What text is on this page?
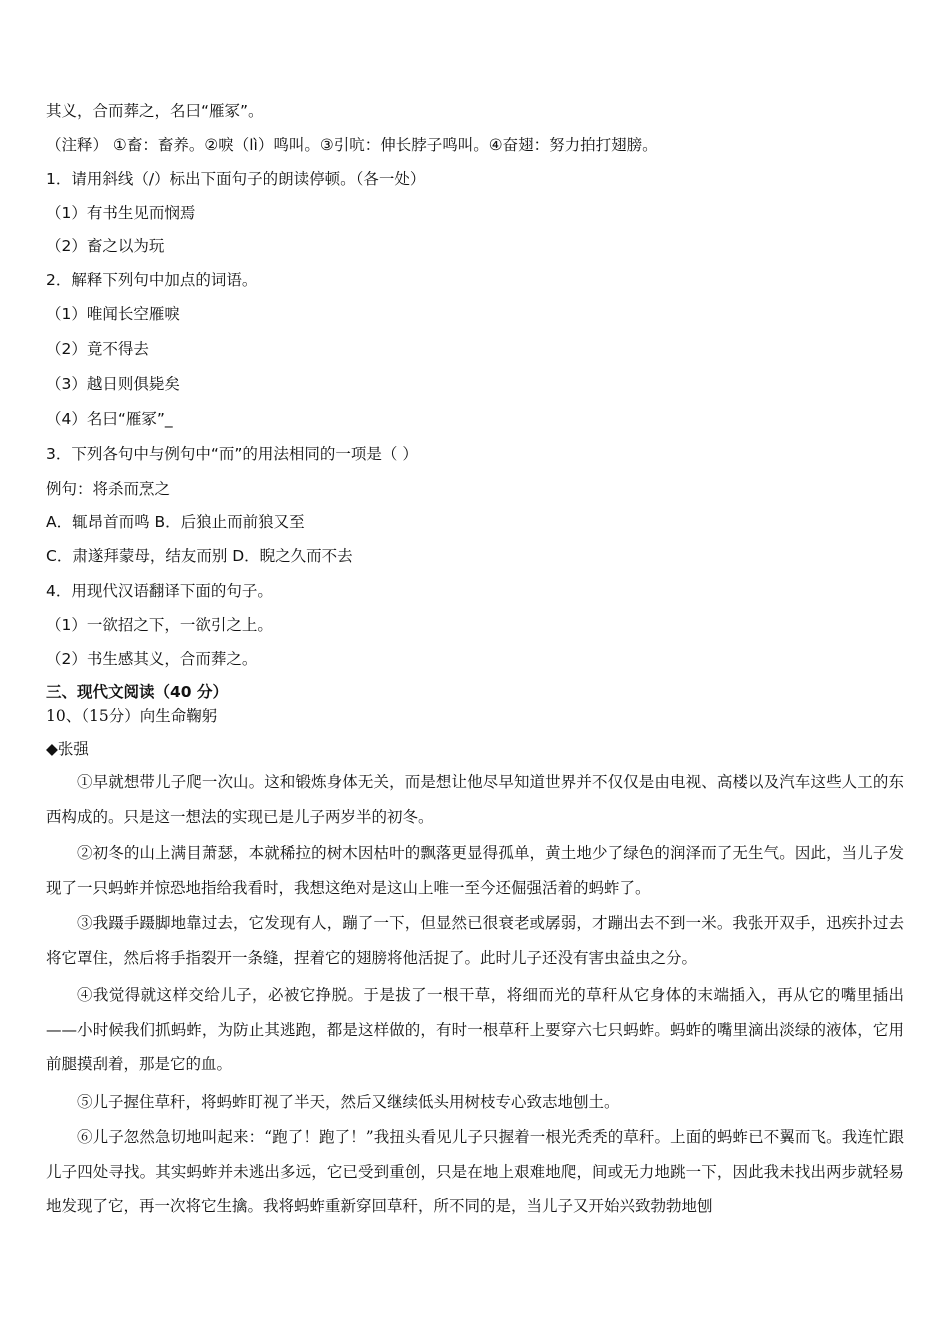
其义，合而葬之，名曰“雁冢”。
（注释） ①畜：畜养。②唳（lì）鸣叫。③引吭：伸长脖子鸣叫。④奋翅：努力拍打翅膀。
1．请用斜线（/）标出下面句子的朗读停顿。（各一处）
（1）有书生见而悯焉
（2）畜之以为玩
2．解释下列句中加点的词语。
（1）唯闻长空雁唳
（2）竟不得去
（3）越日则俱毙矣
（4）名曰“雁冢”_
3．下列各句中与例句中“而”的用法相同的一项是（ ）
例句：将杀而烹之
A．辄昂首而鸣 B．后狼止而前狼又至
C．肃遂拜蒙母，结友而别 D．睨之久而不去
4．用现代汉语翻译下面的句子。
（1）一欲招之下，一欲引之上。
（2）书生感其义，合而葬之。
三、现代文阅读（40 分）
10、（15分）向生命鞠躬
◆张强
①早就想带儿子爬一次山。这和锻炼身体无关，而是想让他尽早知道世界并不仅仅是由电视、高楼以及汽车这些人工的东西构成的。只是这一想法的实现已是儿子两岁半的初冬。
②初冬的山上满目萧瑟，本就稀拉的树木因枯叶的飘落更显得孤单，黄土地少了绿色的润泽而了无生气。因此，当儿子发现了一只蚂蚱并惊恐地指给我看时，我想这绝对是这山上唯一至今还倔强活着的蚂蚱了。
③我蹑手蹑脚地靠过去，它发现有人，蹦了一下，但显然已很衰老或孱弱，才蹦出去不到一米。我张开双手，迅疾扑过去将它罩住，然后将手指裂开一条缝，捏着它的翅膀将他活捉了。此时儿子还没有害虫益虫之分。
④我觉得就这样交给儿子，必被它挣脱。于是拔了一根干草，将细而光的草秆从它身体的末端插入，再从它的嘴里插出——小时候我们抓蚂蚱，为防止其逃跑，都是这样做的，有时一根草秆上要穿六七只蚂蚱。蚂蚱的嘴里滴出淡绿的液体，它用前腿摸刮着，那是它的血。
⑤儿子握住草秆，将蚂蚱盯视了半天，然后又继续低头用树枝专心致志地刨土。
⑥儿子忽然急切地叫起来：“跑了！跑了！”我扭头看见儿子只握着一根光秃秃的草秆。上面的蚂蚱已不翼而飞。我连忙跟儿子四处寻找。其实蚂蚱并未逃出多远，它已受到重创，只是在地上艰难地爬，间或无力地跳一下，因此我未找出两步就轻易地发现了它，再一次将它生擒。我将蚂蚱重新穿回草秆，所不同的是，当儿子又开始兴致勃勃地刨
